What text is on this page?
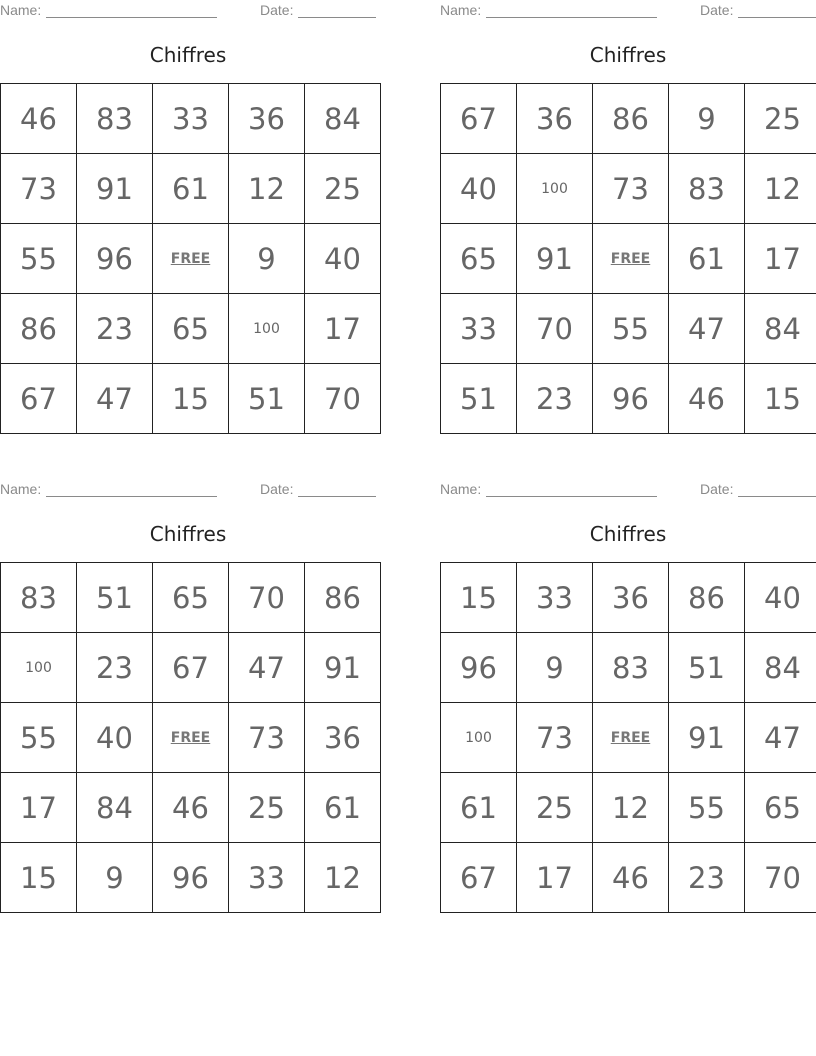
Name:	Date:
Chiffres
46	83	33	36	84
73	91	61	12	25
55	96	FREE	9	40
86	23	65	100	17
67	47	15	51	70
Name:	Date:
Chiffres
67	36	86	9	25
40	100	73	83	12
65	91	FREE	61	17
33	70	55	47	84
51	23	96	46	15
Name:	Date:
Chiffres
83	51	65	70	86
100	23	67	47	91
55	40	FREE	73	36
17	84	46	25	61
15	9	96	33	12
Name:	Date:
Chiffres
15	33	36	86	40
96	9	83	51	84
100	73	FREE	91	47
61	25	12	55	65
67	17	46	23	70
